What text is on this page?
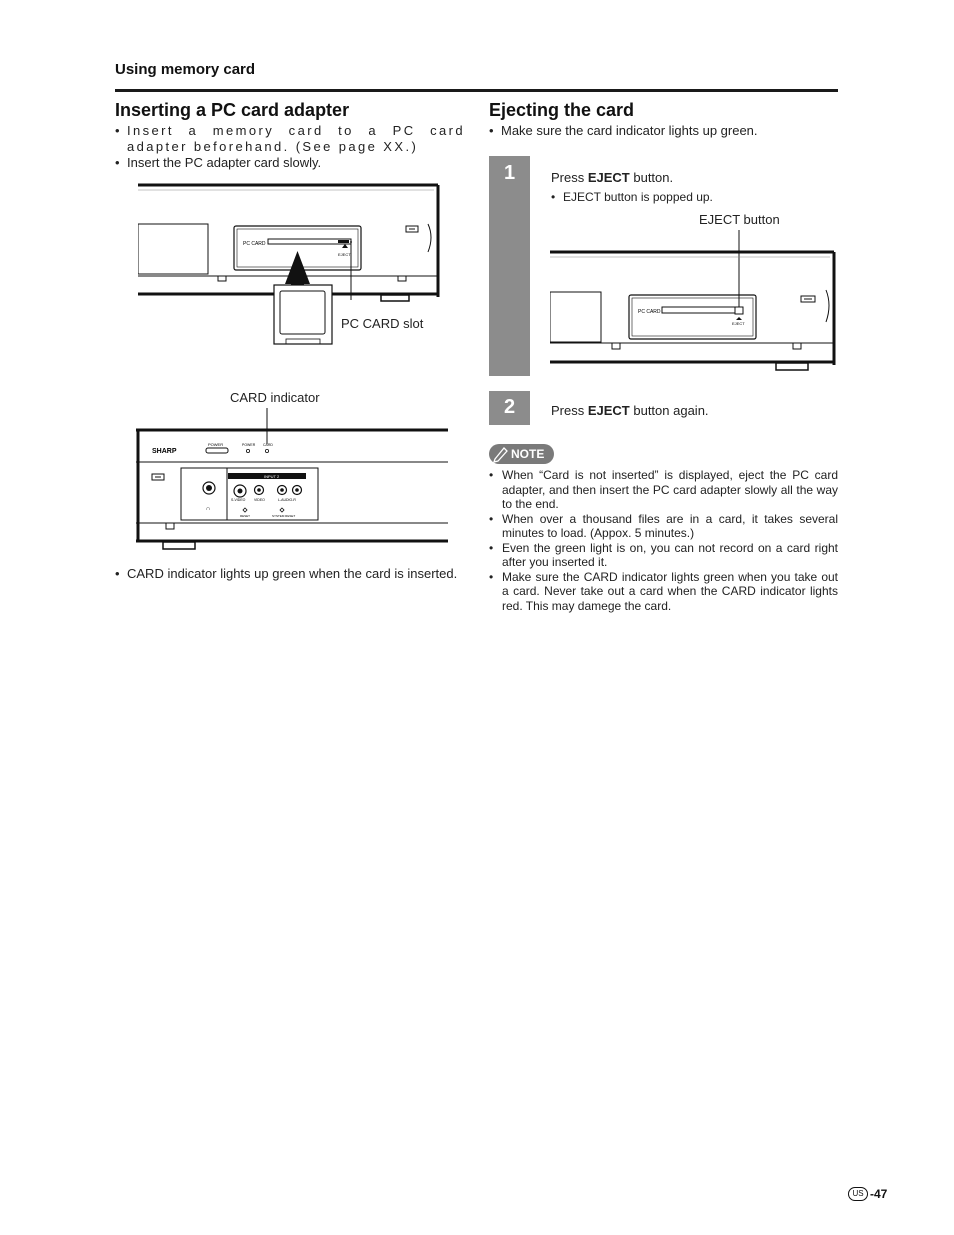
Using memory card
Inserting a PC card adapter
• Insert a memory card to a PC card adapter beforehand. (See page XX.)
• Insert the PC adapter card slowly.
PC CARD
EJECT
PC CARD slot
CARD indicator
SHARP
POWER	POWER CARD
∩
INPUT 2
S-VIDEO VIDEO	L-AUDIO-R
RESET	SYSTEM RESET
• CARD indicator lights up green when the card is inserted.
Ejecting the card
• Make sure the card indicator lights up green.
1	Press EJECT button.
• EJECT button is popped up.
EJECT button
PC CARD
EJECT
2	Press EJECT button again.
NOTE
• When “Card is not inserted” is displayed, eject the PC card adapter, and then insert the PC card adapter slowly all the way to the end.
• When over a thousand files are in a card, it takes several minutes to load. (Appox. 5 minutes.)
• Even the green light is on, you can not record on a card right after you inserted it.
• Make sure the CARD indicator lights green when you take out a card. Never take out a card when the CARD indicator lights red. This may damege the card.
US -47
